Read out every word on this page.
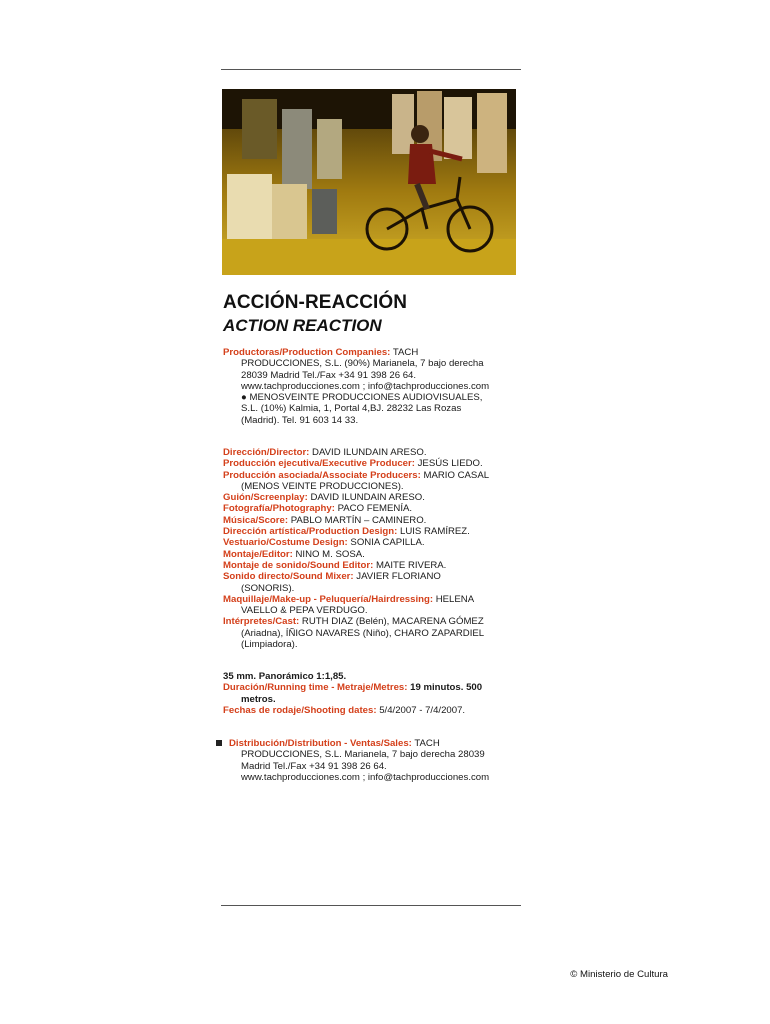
ACCIÓN-REACCIÓN
ACTION REACTION
Productoras/Production Companies: TACH
PRODUCCIONES, S.L. (90%) Marianela, 7 bajo derecha
28039 Madrid Tel./Fax +34 91 398 26 64.
www.tachproducciones.com ; info@tachproducciones.com
● MENOSVEINTE PRODUCCIONES AUDIOVISUALES,
S.L. (10%) Kalmia, 1, Portal 4,BJ. 28232 Las Rozas
(Madrid). Tel. 91 603 14 33.
Dirección/Director: DAVID ILUNDAIN ARESO.
Producción ejecutiva/Executive Producer: JESÚS LIEDO.
Producción asociada/Associate Producers: MARIO CASAL
(MENOS VEINTE PRODUCCIONES).
Guión/Screenplay: DAVID ILUNDAIN ARESO.
Fotografía/Photography: PACO FEMENÍA.
Música/Score: PABLO MARTÍN – CAMINERO.
Dirección artística/Production Design: LUIS RAMÍREZ.
Vestuario/Costume Design: SONIA CAPILLA.
Montaje/Editor: NINO M. SOSA.
Montaje de sonido/Sound Editor: MAITE RIVERA.
Sonido directo/Sound Mixer: JAVIER FLORIANO
(SONORIS).
Maquillaje/Make-up - Peluquería/Hairdressing: HELENA
VAELLO & PEPA VERDUGO.
Intérpretes/Cast: RUTH DIAZ (Belén), MACARENA GÓMEZ
(Ariadna), ÍÑIGO NAVARES (Niño), CHARO ZAPARDIEL
(Limpiadora).
35 mm. Panorámico 1:1,85.
Duración/Running time - Metraje/Metres: 19 minutos. 500
metros.
Fechas de rodaje/Shooting dates: 5/4/2007 - 7/4/2007.
Distribución/Distribution - Ventas/Sales: TACH
PRODUCCIONES, S.L. Marianela, 7 bajo derecha 28039
Madrid Tel./Fax +34 91 398 26 64.
www.tachproducciones.com ; info@tachproducciones.com
© Ministerio de Cultura
